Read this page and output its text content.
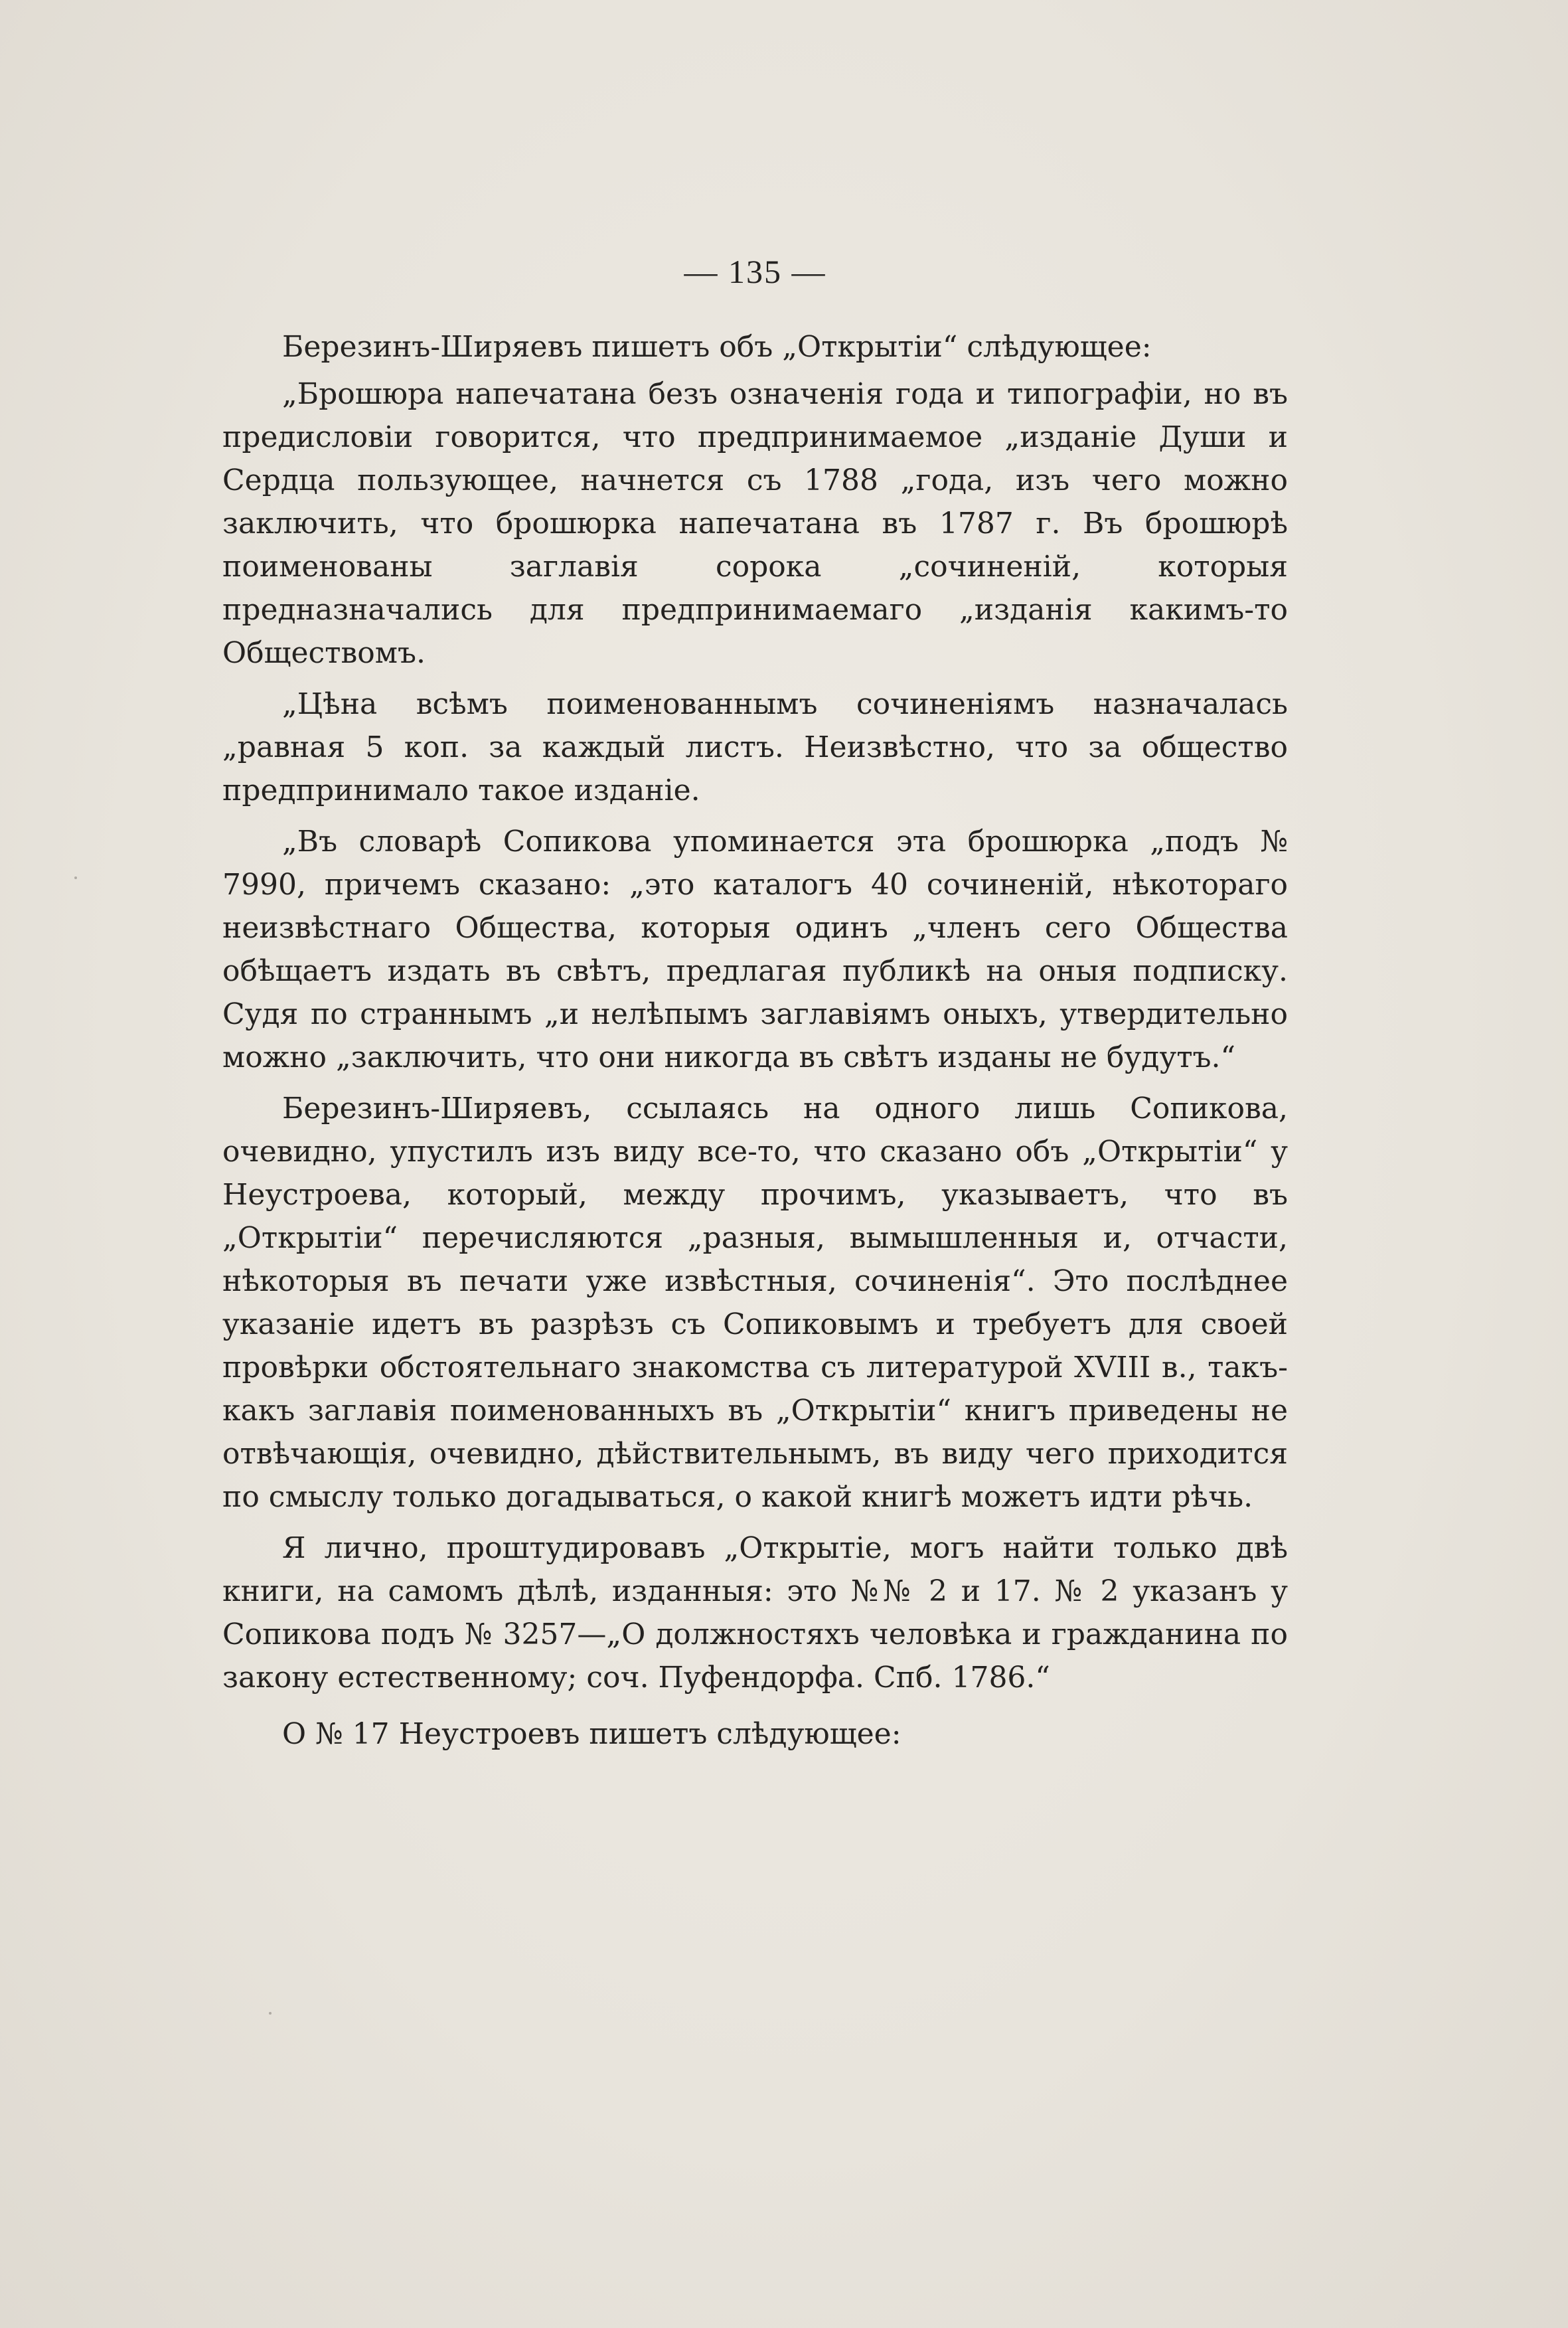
— 135 —

Березинъ-Ширяевъ пишетъ объ „Открытiи“ слѣдующее:

„Брошюра напечатана безъ означенiя года и типографiи, но въ предисловiи говорится, что предпринимаемое „изданiе Души и Сердца пользующее, начнется съ 1788 „года, изъ чего можно заключить, что брошюрка напечатана въ 1787 г. Въ брошюрѣ поименованы заглавiя сорока „сочиненiй, которыя предназначались для предпринимаемаго „изданiя какимъ-то Обществомъ.

„Цѣна всѣмъ поименованнымъ сочиненiямъ назначалась „равная 5 коп. за каждый листъ. Неизвѣстно, что за общество предпринимало такое изданiе.

„Въ словарѣ Сопикова упоминается эта брошюрка „подъ № 7990, причемъ сказано: „это каталогъ 40 сочиненiй, нѣкотораго неизвѣстнаго Общества, которыя одинъ „членъ сего Общества обѣщаетъ издать въ свѣтъ, предлагая публикѣ на оныя подписку. Судя по страннымъ „и нелѣпымъ заглавiямъ оныхъ, утвердительно можно „заключить, что они никогда въ свѣтъ изданы не будутъ.“

Березинъ-Ширяевъ, ссылаясь на одного лишь Сопикова, очевидно, упустилъ изъ виду все-то, что сказано объ „Открытiи“ у Неустроева, который, между прочимъ, указываетъ, что въ „Открытiи“ перечисляются „разныя, вымышленныя и, отчасти, нѣкоторыя въ печати уже извѣстныя, сочиненiя“. Это послѣднее указанiе идетъ въ разрѣзъ съ Сопиковымъ и требуетъ для своей провѣрки обстоятельнаго знакомства съ литературой XVIII в., такъ-какъ заглавiя поименованныхъ въ „Открытiи“ книгъ приведены не отвѣчающiя, очевидно, дѣйствительнымъ, въ виду чего приходится по смыслу только догадываться, о какой книгѣ можетъ идти рѣчь.

Я лично, проштудировавъ „Открытiе, могъ найти только двѣ книги, на самомъ дѣлѣ, изданныя: это №№ 2 и 17. № 2 указанъ у Сопикова подъ № 3257—„О должностяхъ человѣка и гражданина по закону естественному; соч. Пуфендорфа. Спб. 1786.“

О № 17 Неустроевъ пишетъ слѣдующее:
